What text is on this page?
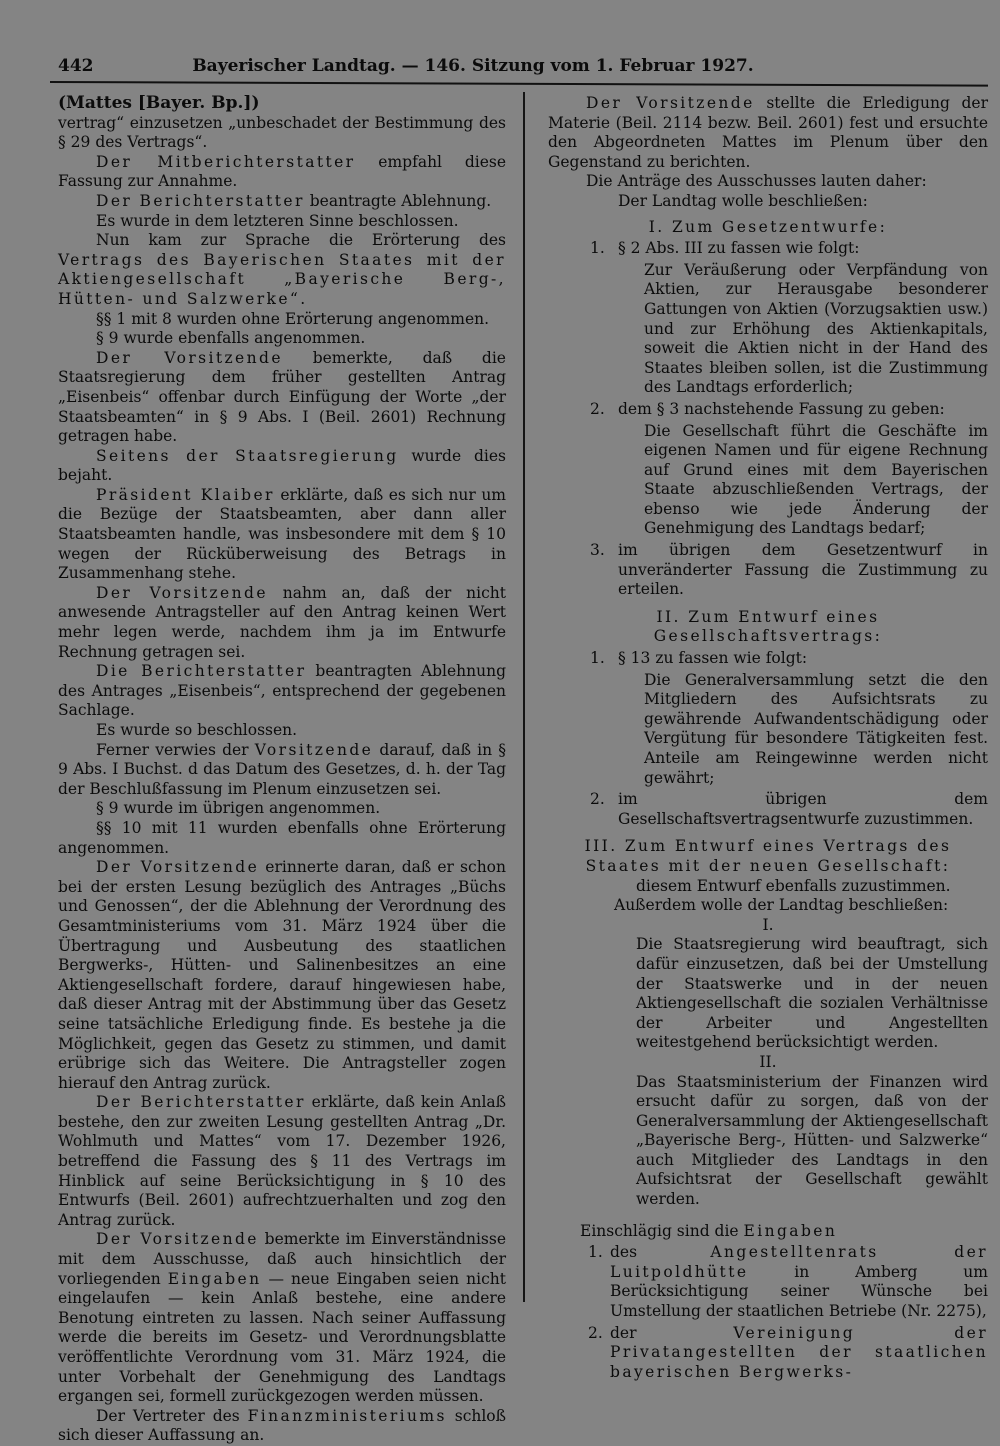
442	Bayerischer Landtag. — 146. Sitzung vom 1. Februar 1927.

(Mattes [Bayer. Bp.])

vertrag“ einzusetzen „unbeschadet der Bestimmung des § 29 des Vertrags“.

Der Mitberichterstatter empfahl diese Fassung zur Annahme.

Der Berichterstatter beantragte Ablehnung.

Es wurde in dem letzteren Sinne beschlossen.

Nun kam zur Sprache die Erörterung des Vertrags des Bayerischen Staates mit der Aktiengesellschaft „Bayerische Berg-, Hütten- und Salzwerke“.

§§ 1 mit 8 wurden ohne Erörterung angenommen.

§ 9 wurde ebenfalls angenommen.

Der Vorsitzende bemerkte, daß die Staatsregierung dem früher gestellten Antrag „Eisenbeis“ offenbar durch Einfügung der Worte „der Staatsbeamten“ in § 9 Abs. I (Beil. 2601) Rechnung getragen habe.

Seitens der Staatsregierung wurde dies bejaht.

Präsident Klaiber erklärte, daß es sich nur um die Bezüge der Staatsbeamten, aber dann aller Staatsbeamten handle, was insbesondere mit dem § 10 wegen der Rücküberweisung des Betrags in Zusammenhang stehe.

Der Vorsitzende nahm an, daß der nicht anwesende Antragsteller auf den Antrag keinen Wert mehr legen werde, nachdem ihm ja im Entwurfe Rechnung getragen sei.

Die Berichterstatter beantragten Ablehnung des Antrages „Eisenbeis“, entsprechend der gegebenen Sachlage.

Es wurde so beschlossen.

Ferner verwies der Vorsitzende darauf, daß in § 9 Abs. I Buchst. d das Datum des Gesetzes, d. h. der Tag der Beschlußfassung im Plenum einzusetzen sei.

§ 9 wurde im übrigen angenommen.

§§ 10 mit 11 wurden ebenfalls ohne Erörterung angenommen.

Der Vorsitzende erinnerte daran, daß er schon bei der ersten Lesung bezüglich des Antrages „Büchs und Genossen“, der die Ablehnung der Verordnung des Gesamtministeriums vom 31. März 1924 über die Übertragung und Ausbeutung des staatlichen Bergwerks-, Hütten- und Salinenbesitzes an eine Aktiengesellschaft fordere, darauf hingewiesen habe, daß dieser Antrag mit der Abstimmung über das Gesetz seine tatsächliche Erledigung finde. Es bestehe ja die Möglichkeit, gegen das Gesetz zu stimmen, und damit erübrige sich das Weitere. Die Antragsteller zogen hierauf den Antrag zurück.

Der Berichterstatter erklärte, daß kein Anlaß bestehe, den zur zweiten Lesung gestellten Antrag „Dr. Wohlmuth und Mattes“ vom 17. Dezember 1926, betreffend die Fassung des § 11 des Vertrags im Hinblick auf seine Berücksichtigung in § 10 des Entwurfs (Beil. 2601) aufrechtzuerhalten und zog den Antrag zurück.

Der Vorsitzende bemerkte im Einverständnisse mit dem Ausschusse, daß auch hinsichtlich der vorliegenden Eingaben — neue Eingaben seien nicht eingelaufen — kein Anlaß bestehe, eine andere Benotung eintreten zu lassen. Nach seiner Auffassung werde die bereits im Gesetz- und Verordnungsblatte veröffentlichte Verordnung vom 31. März 1924, die unter Vorbehalt der Genehmigung des Landtags ergangen sei, formell zurückgezogen werden müssen.

Der Vertreter des Finanzministeriums schloß sich dieser Auffassung an.

Der Vorsitzende stellte die Erledigung der Materie (Beil. 2114 bezw. Beil. 2601) fest und ersuchte den Abgeordneten Mattes im Plenum über den Gegenstand zu berichten.

Die Anträge des Ausschusses lauten daher:

Der Landtag wolle beschließen:

I. Zum Gesetzentwurfe:

1. § 2 Abs. III zu fassen wie folgt:

Zur Veräußerung oder Verpfändung von Aktien, zur Herausgabe besonderer Gattungen von Aktien (Vorzugsaktien usw.) und zur Erhöhung des Aktienkapitals, soweit die Aktien nicht in der Hand des Staates bleiben sollen, ist die Zustimmung des Landtags erforderlich;

2. dem § 3 nachstehende Fassung zu geben:

Die Gesellschaft führt die Geschäfte im eigenen Namen und für eigene Rechnung auf Grund eines mit dem Bayerischen Staate abzuschließenden Vertrags, der ebenso wie jede Änderung der Genehmigung des Landtags bedarf;

3. im übrigen dem Gesetzentwurf in unveränderter Fassung die Zustimmung zu erteilen.

II. Zum Entwurf eines Gesellschaftsvertrags:

1. § 13 zu fassen wie folgt:

Die Generalversammlung setzt die den Mitgliedern des Aufsichtsrats zu gewährende Aufwandentschädigung oder Vergütung für besondere Tätigkeiten fest. Anteile am Reingewinne werden nicht gewährt;

2. im übrigen dem Gesellschaftsvertragsentwurfe zuzustimmen.

III. Zum Entwurf eines Vertrags des Staates mit der neuen Gesellschaft:

diesem Entwurf ebenfalls zuzustimmen.

Außerdem wolle der Landtag beschließen:

I.

Die Staatsregierung wird beauftragt, sich dafür einzusetzen, daß bei der Umstellung der Staatswerke und in der neuen Aktiengesellschaft die sozialen Verhältnisse der Arbeiter und Angestellten weitestgehend berücksichtigt werden.

II.

Das Staatsministerium der Finanzen wird ersucht dafür zu sorgen, daß von der Generalversammlung der Aktiengesellschaft „Bayerische Berg-, Hütten- und Salzwerke“ auch Mitglieder des Landtags in den Aufsichtsrat der Gesellschaft gewählt werden.

Einschlägig sind die Eingaben

1. des Angestelltenrats der Luitpoldhütte in Amberg um Berücksichtigung seiner Wünsche bei Umstellung der staatlichen Betriebe (Nr. 2275),
2. der Vereinigung der Privatangestellten der staatlichen bayerischen Bergwerks-
